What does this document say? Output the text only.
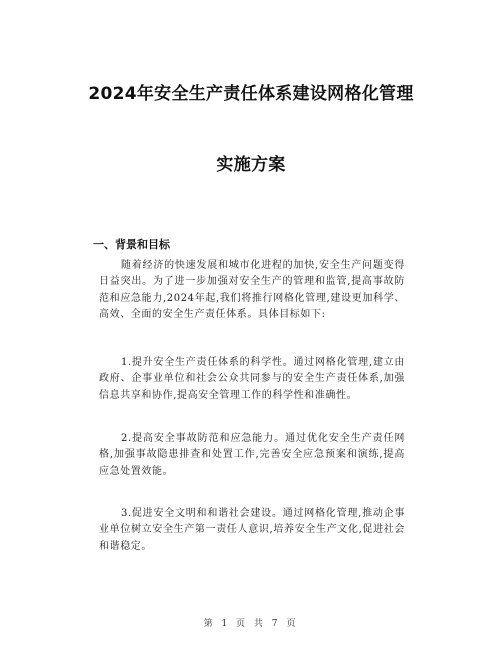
2024年安全生产责任体系建设网格化管理
实施方案
一、背景和目标
随着经济的快速发展和城市化进程的加快,安全生产问题变得日益突出。为了进一步加强对安全生产的管理和监管,提高事故防范和应急能力,2024年起,我们将推行网格化管理,建设更加科学、高效、全面的安全生产责任体系。具体目标如下:
1.提升安全生产责任体系的科学性。通过网格化管理,建立由政府、企事业单位和社会公众共同参与的安全生产责任体系,加强信息共享和协作,提高安全管理工作的科学性和准确性。
2.提高安全事故防范和应急能力。通过优化安全生产责任网格,加强事故隐患排查和处置工作,完善安全应急预案和演练,提高应急处置效能。
3.促进安全文明和和谐社会建设。通过网格化管理,推动企事业单位树立安全生产第一责任人意识,培养安全生产文化,促进社会和谐稳定。
第 1 页 共 7 页
